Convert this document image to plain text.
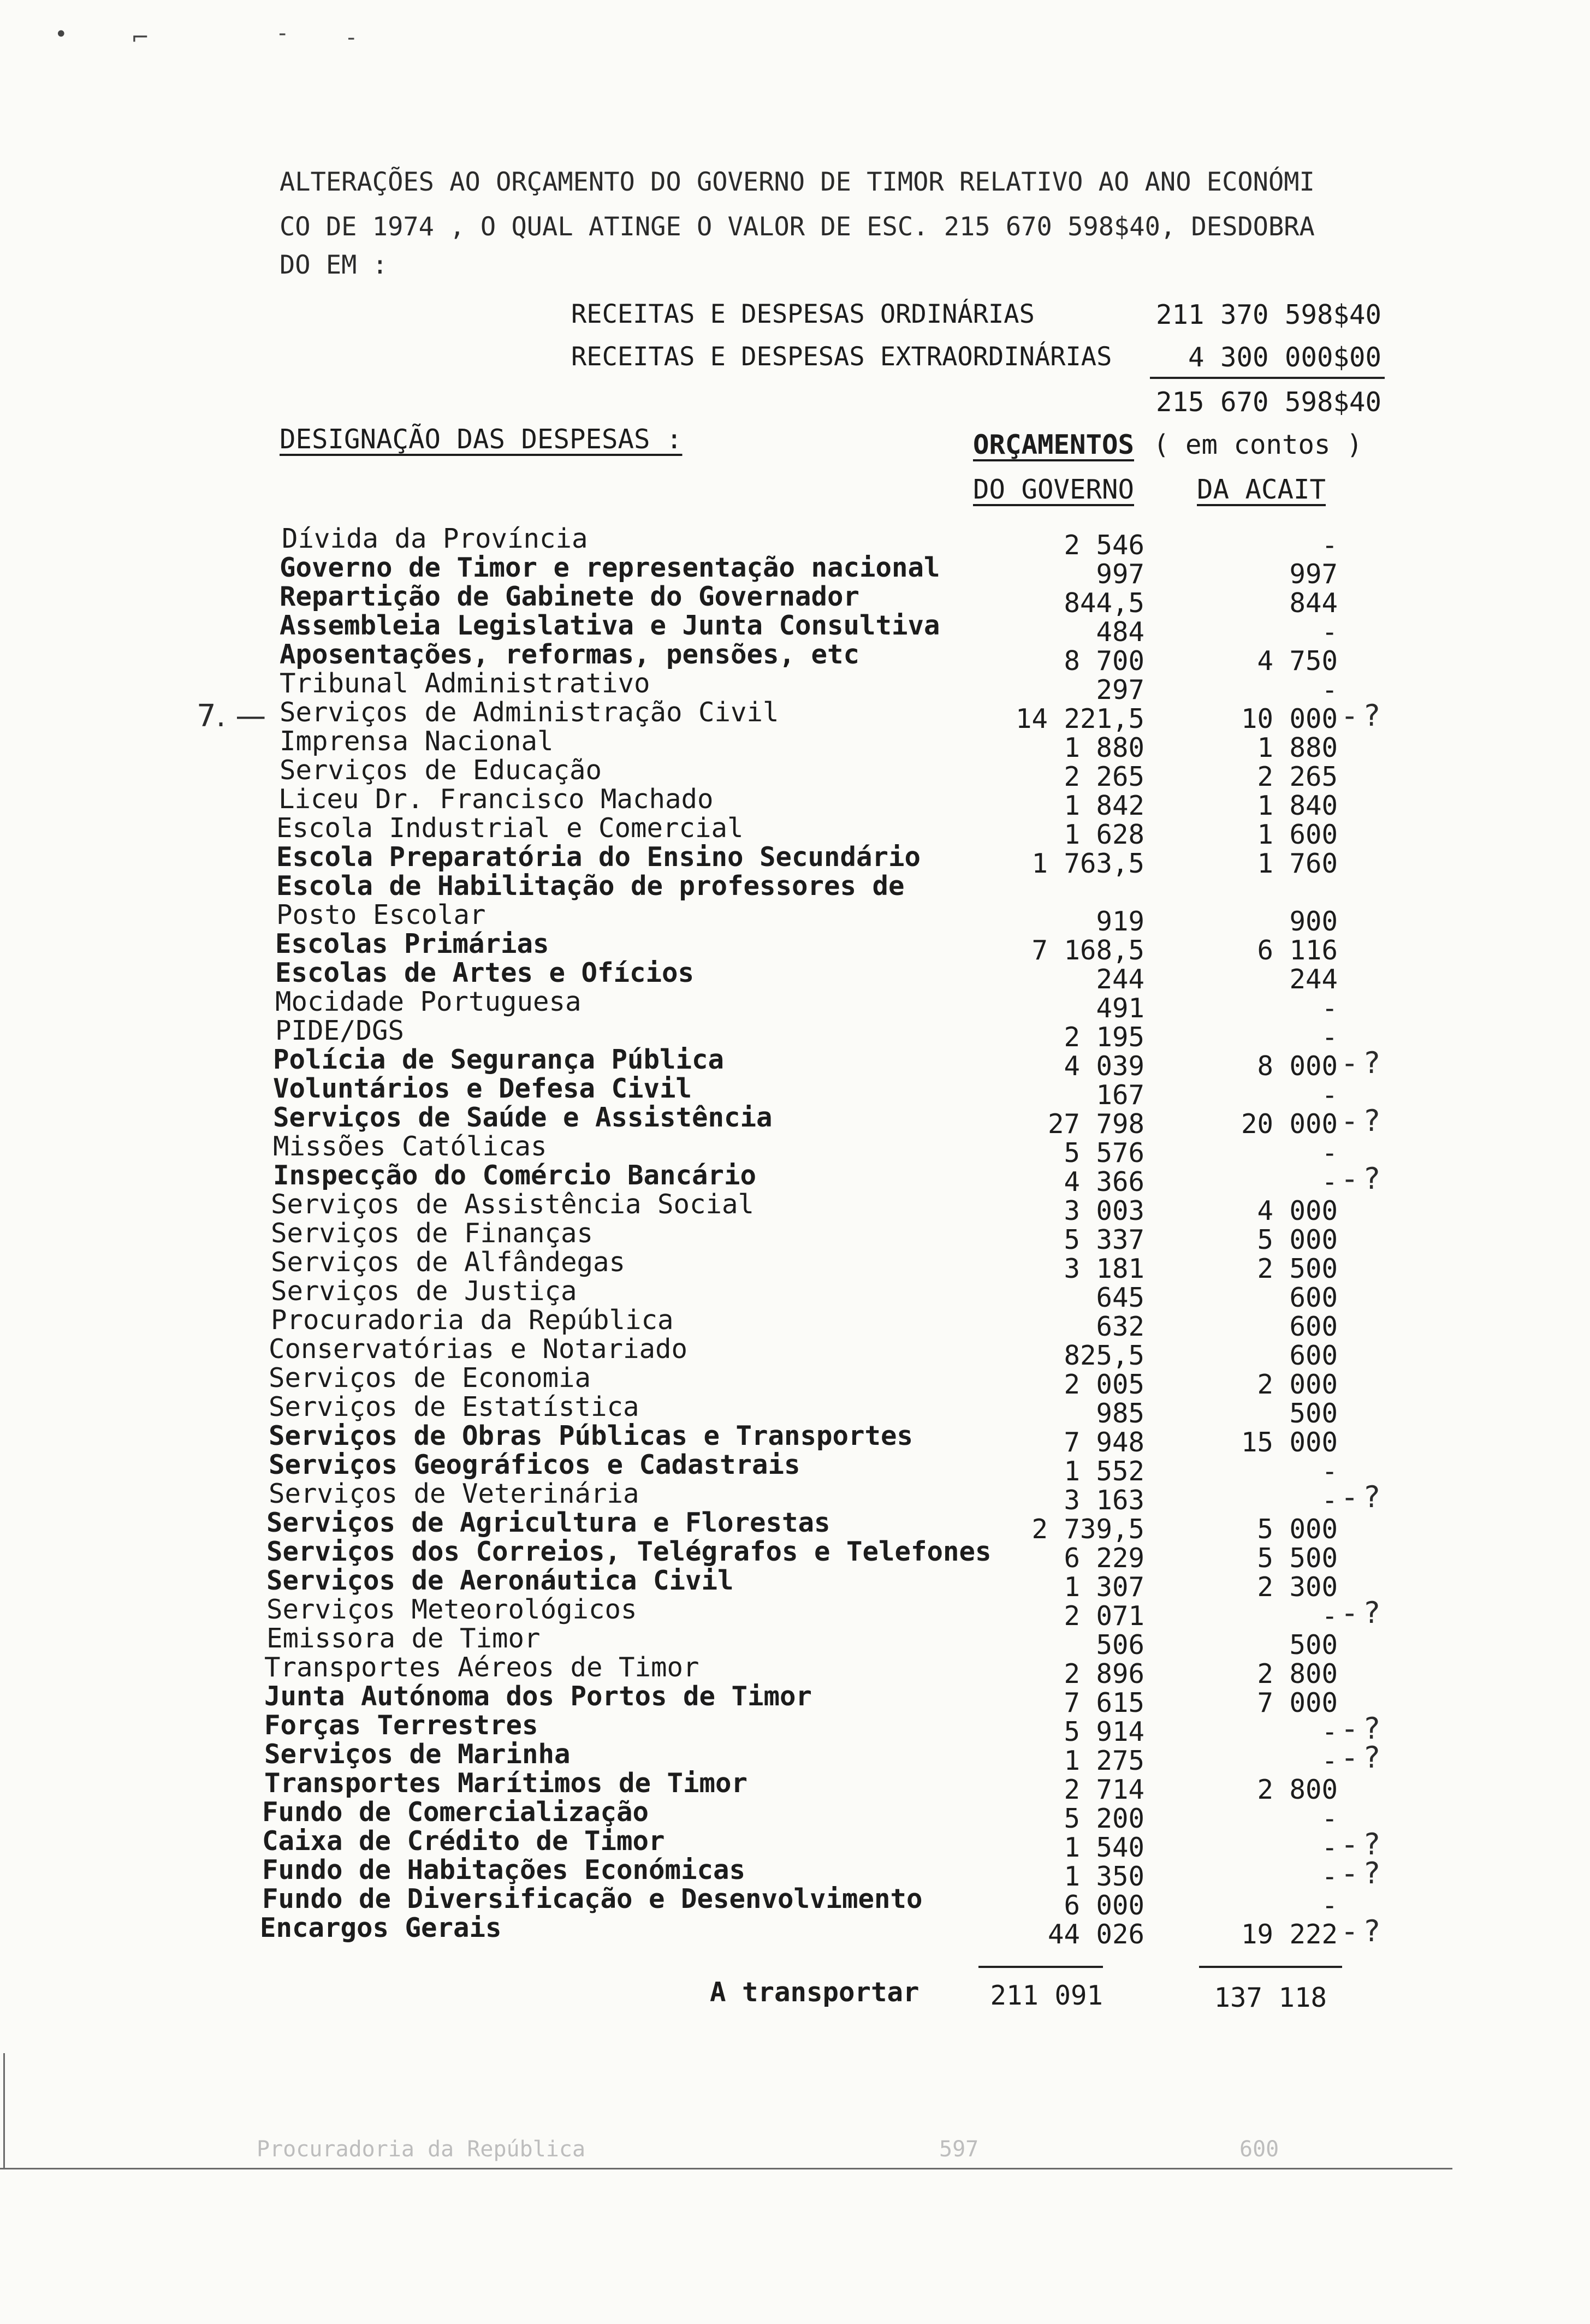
ALTERAÇÕES AO ORÇAMENTO DO GOVERNO DE TIMOR RELATIVO AO ANO ECONÓMI
CO DE 1974 , O QUAL ATINGE O VALOR DE ESC. 215 670 598$40, DESDOBRA
DO EM :
RECEITAS E DESPESAS ORDINÁRIAS	211 370 598$40
RECEITAS E DESPESAS EXTRAORDINÁRIAS	4 300 000$00
215 670 598$40
DESIGNAÇÃO DAS DESPESAS :	ORÇAMENTOS ( em contos )
DO GOVERNO DA ACAIT
Dívida da Província	2 546	-
Governo de Timor e representação nacional	997	997
Repartição de Gabinete do Governador	844,5	844
Assembleia Legislativa e Junta Consultiva	484	-
Aposentações, reformas, pensões, etc	8 700	4 750
Tribunal Administrativo	297	-
Serviços de Administração Civil	14 221,5	10 000
Imprensa Nacional	1 880	1 880
Serviços de Educação	2 265	2 265
Liceu Dr. Francisco Machado	1 842	1 840
Escola Industrial e Comercial	1 628	1 600
Escola Preparatória do Ensino Secundário	1 763,5	1 760
Escola de Habilitação de professores de
Posto Escolar	919	900
Escolas Primárias	7 168,5	6 116
Escolas de Artes e Ofícios	244	244
Mocidade Portuguesa	491	-
PIDE/DGS	2 195	-
Polícia de Segurança Pública	4 039	8 000
Voluntários e Defesa Civil	167	-
Serviços de Saúde e Assistência	27 798	20 000
Missões Católicas	5 576	-
Inspecção do Comércio Bancário	4 366	-
Serviços de Assistência Social	3 003	4 000
Serviços de Finanças	5 337	5 000
Serviços de Alfândegas	3 181	2 500
Serviços de Justiça	645	600
Procuradoria da República	632	600
Conservatórias e Notariado	825,5	600
Serviços de Economia	2 005	2 000
Serviços de Estatística	985	500
Serviços de Obras Públicas e Transportes	7 948	15 000
Serviços Geográficos e Cadastrais	1 552	-
Serviços de Veterinária	3 163	-
Serviços de Agricultura e Florestas	2 739,5	5 000
Serviços dos Correios, Telégrafos e Telefones	6 229	5 500
Serviços de Aeronáutica Civil	1 307	2 300
Serviços Meteorológicos	2 071	-
Emissora de Timor	506	500
Transportes Aéreos de Timor	2 896	2 800
Junta Autónoma dos Portos de Timor	7 615	7 000
Forças Terrestres	5 914	-
Serviços de Marinha	1 275	-
Transportes Marítimos de Timor	2 714	2 800
Fundo de Comercialização	5 200	-
Caixa de Crédito de Timor	1 540	-
Fundo de Habitações Económicas	1 350	-
Fundo de Diversificação e Desenvolvimento	6 000	-
Encargos Gerais	44 026	19 222
- ?
- ?
- ?
- ?
- ?
- ?
- ?
- ?
- ?
- ?
- ?
7. —
A transportar	211 091	137 118
Procuradoria da República	597	600
•	⌐	-	-
